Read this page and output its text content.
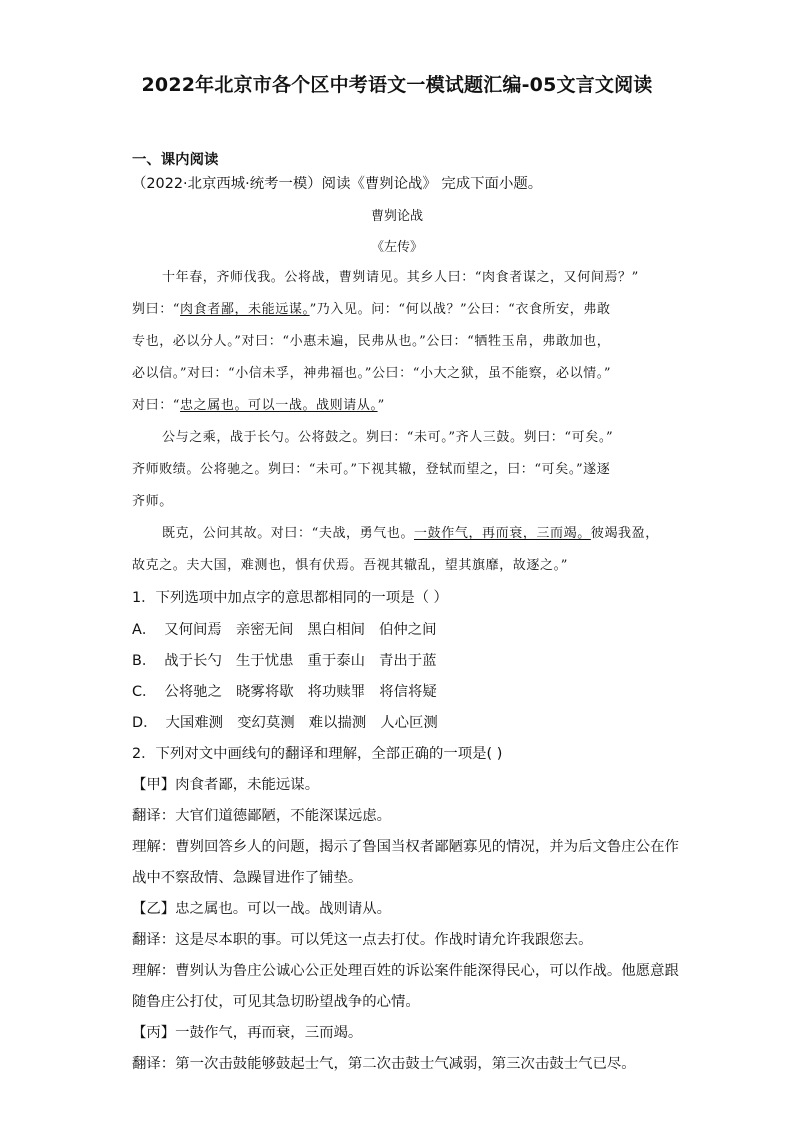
2022年北京市各个区中考语文一模试题汇编-05文言文阅读
一、课内阅读
（2022·北京西城·统考一模）阅读《曹刿论战》 完成下面小题。
曹刿论战
《左传》
十年春，齐师伐我。公将战，曹刿请见。其乡人曰：“肉食者谋之，又何间焉？”
刿曰：“肉食者鄙，未能远谋。”乃入见。问：“何以战？”公曰：“衣食所安，弗敢
专也，必以分人。”对曰：“小惠未遍，民弗从也。”公曰：“牺牲玉帛，弗敢加也，
必以信。”对曰：“小信未孚，神弗福也。”公曰：“小大之狱，虽不能察，必以情。”
对曰：“忠之属也。可以一战。战则请从。”
公与之乘，战于长勺。公将鼓之。刿曰：“未可。”齐人三鼓。刿曰：“可矣。”
齐师败绩。公将驰之。刿曰：“未可。”下视其辙，登轼而望之，曰：“可矣。”遂逐
齐师。
既克，公问其故。对曰：“夫战，勇气也。一鼓作气，再而衰，三而竭。彼竭我盈，
故克之。夫大国，难测也，惧有伏焉。吾视其辙乱，望其旗靡，故逐之。”
1．下列选项中加点字的意思都相同的一项是（ ）
A． 又何间焉 亲密无间 黑白相间 伯仲之间
B． 战于长勺 生于忧患 重于泰山 青出于蓝
C． 公将驰之 晓雾将歇 将功赎罪 将信将疑
D． 大国难测 变幻莫测 难以揣测 人心叵测
2．下列对文中画线句的翻译和理解，全部正确的一项是( )
【甲】肉食者鄙，未能远谋。
翻译：大官们道德鄙陋，不能深谋远虑。
理解：曹刿回答乡人的问题，揭示了鲁国当权者鄙陋寡见的情况，并为后文鲁庄公在作
战中不察敌情、急躁冒进作了铺垫。
【乙】忠之属也。可以一战。战则请从。
翻译：这是尽本职的事。可以凭这一点去打仗。作战时请允许我跟您去。
理解：曹刿认为鲁庄公诚心公正处理百姓的诉讼案件能深得民心，可以作战。他愿意跟
随鲁庄公打仗，可见其急切盼望战争的心情。
【丙】一鼓作气，再而衰，三而竭。
翻译：第一次击鼓能够鼓起士气，第二次击鼓士气减弱，第三次击鼓士气已尽。
